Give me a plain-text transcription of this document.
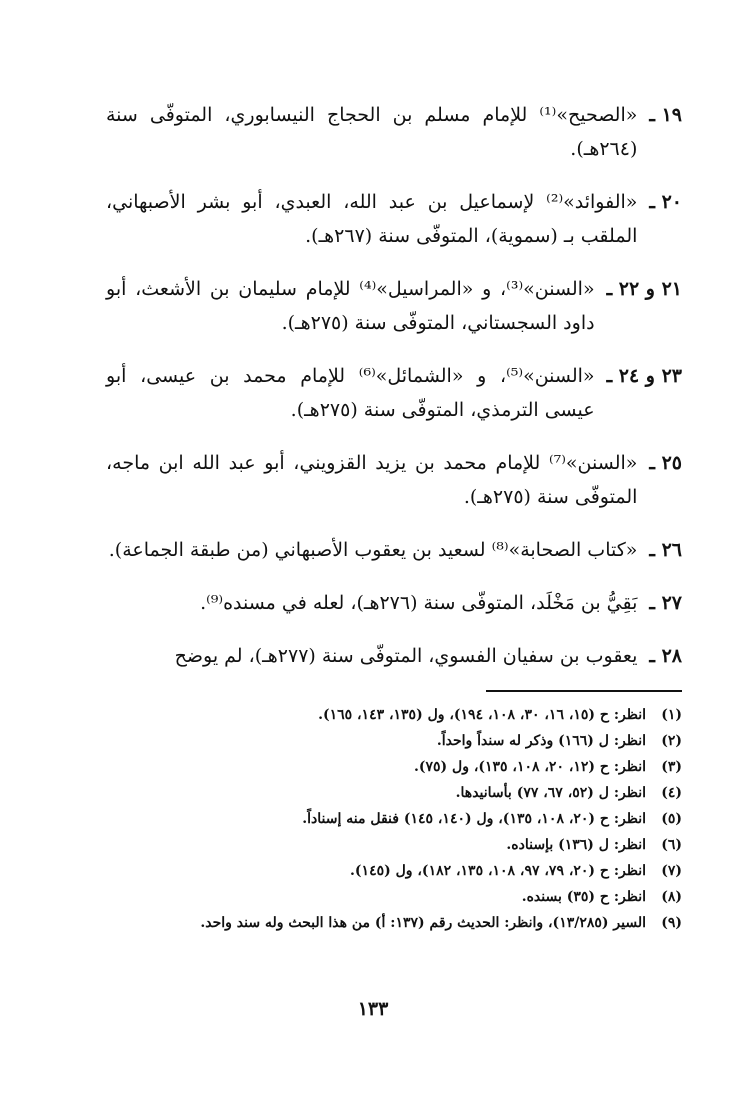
١٩ ـ
«الصحيح»⁽¹⁾ للإمام مسلم بن الحجاج النيسابوري، المتوفّى سنة (٢٦٤هـ).
٢٠ ـ
«الفوائد»⁽²⁾ لإسماعيل بن عبد الله، العبدي، أبو بشر الأصبهاني، الملقب بـ (سموية)، المتوفّى سنة (٢٦٧هـ).
٢١ و ٢٢ ـ
«السنن»⁽³⁾، و «المراسيل»⁽⁴⁾ للإمام سليمان بن الأشعث، أبو داود السجستاني، المتوفّى سنة (٢٧٥هـ).
٢٣ و ٢٤ ـ
«السنن»⁽⁵⁾، و «الشمائل»⁽⁶⁾ للإمام محمد بن عيسى، أبو عيسى الترمذي، المتوفّى سنة (٢٧٥هـ).
٢٥ ـ
«السنن»⁽⁷⁾ للإمام محمد بن يزيد القزويني، أبو عبد الله ابن ماجه، المتوفّى سنة (٢٧٥هـ).
٢٦ ـ
«كتاب الصحابة»⁽⁸⁾ لسعيد بن يعقوب الأصبهاني (من طبقة الجماعة).
٢٧ ـ
بَقِيُّ بن مَخْلَد، المتوفّى سنة (٢٧٦هـ)، لعله في مسنده⁽⁹⁾.
٢٨ ـ
يعقوب بن سفيان الفسوي، المتوفّى سنة (٢٧٧هـ)، لم يوضح
(١)
انظر: ح (١٥، ١٦، ٣٠، ١٠٨، ١٩٤)، ول (١٣٥، ١٤٣، ١٦٥).
(٢)
انظر: ل (١٦٦) وذكر له سنداً واحداً.
(٣)
انظر: ح (١٢، ٢٠، ١٠٨، ١٣٥)، ول (٧٥).
(٤)
انظر: ل (٥٢، ٦٧، ٧٧) بأسانيدها.
(٥)
انظر: ح (٢٠، ١٠٨، ١٣٥)، ول (١٤٠، ١٤٥) فنقل منه إسناداً.
(٦)
انظر: ل (١٣٦) بإسناده.
(٧)
انظر: ح (٢٠، ٧٩، ٩٧، ١٠٨، ١٣٥، ١٨٢)، ول (١٤٥).
(٨)
انظر: ح (٣٥) بسنده.
(٩)
السير (١٣/٢٨٥)، وانظر: الحديث رقم (١٣٧: أ) من هذا البحث وله سند واحد.
١٣٣
